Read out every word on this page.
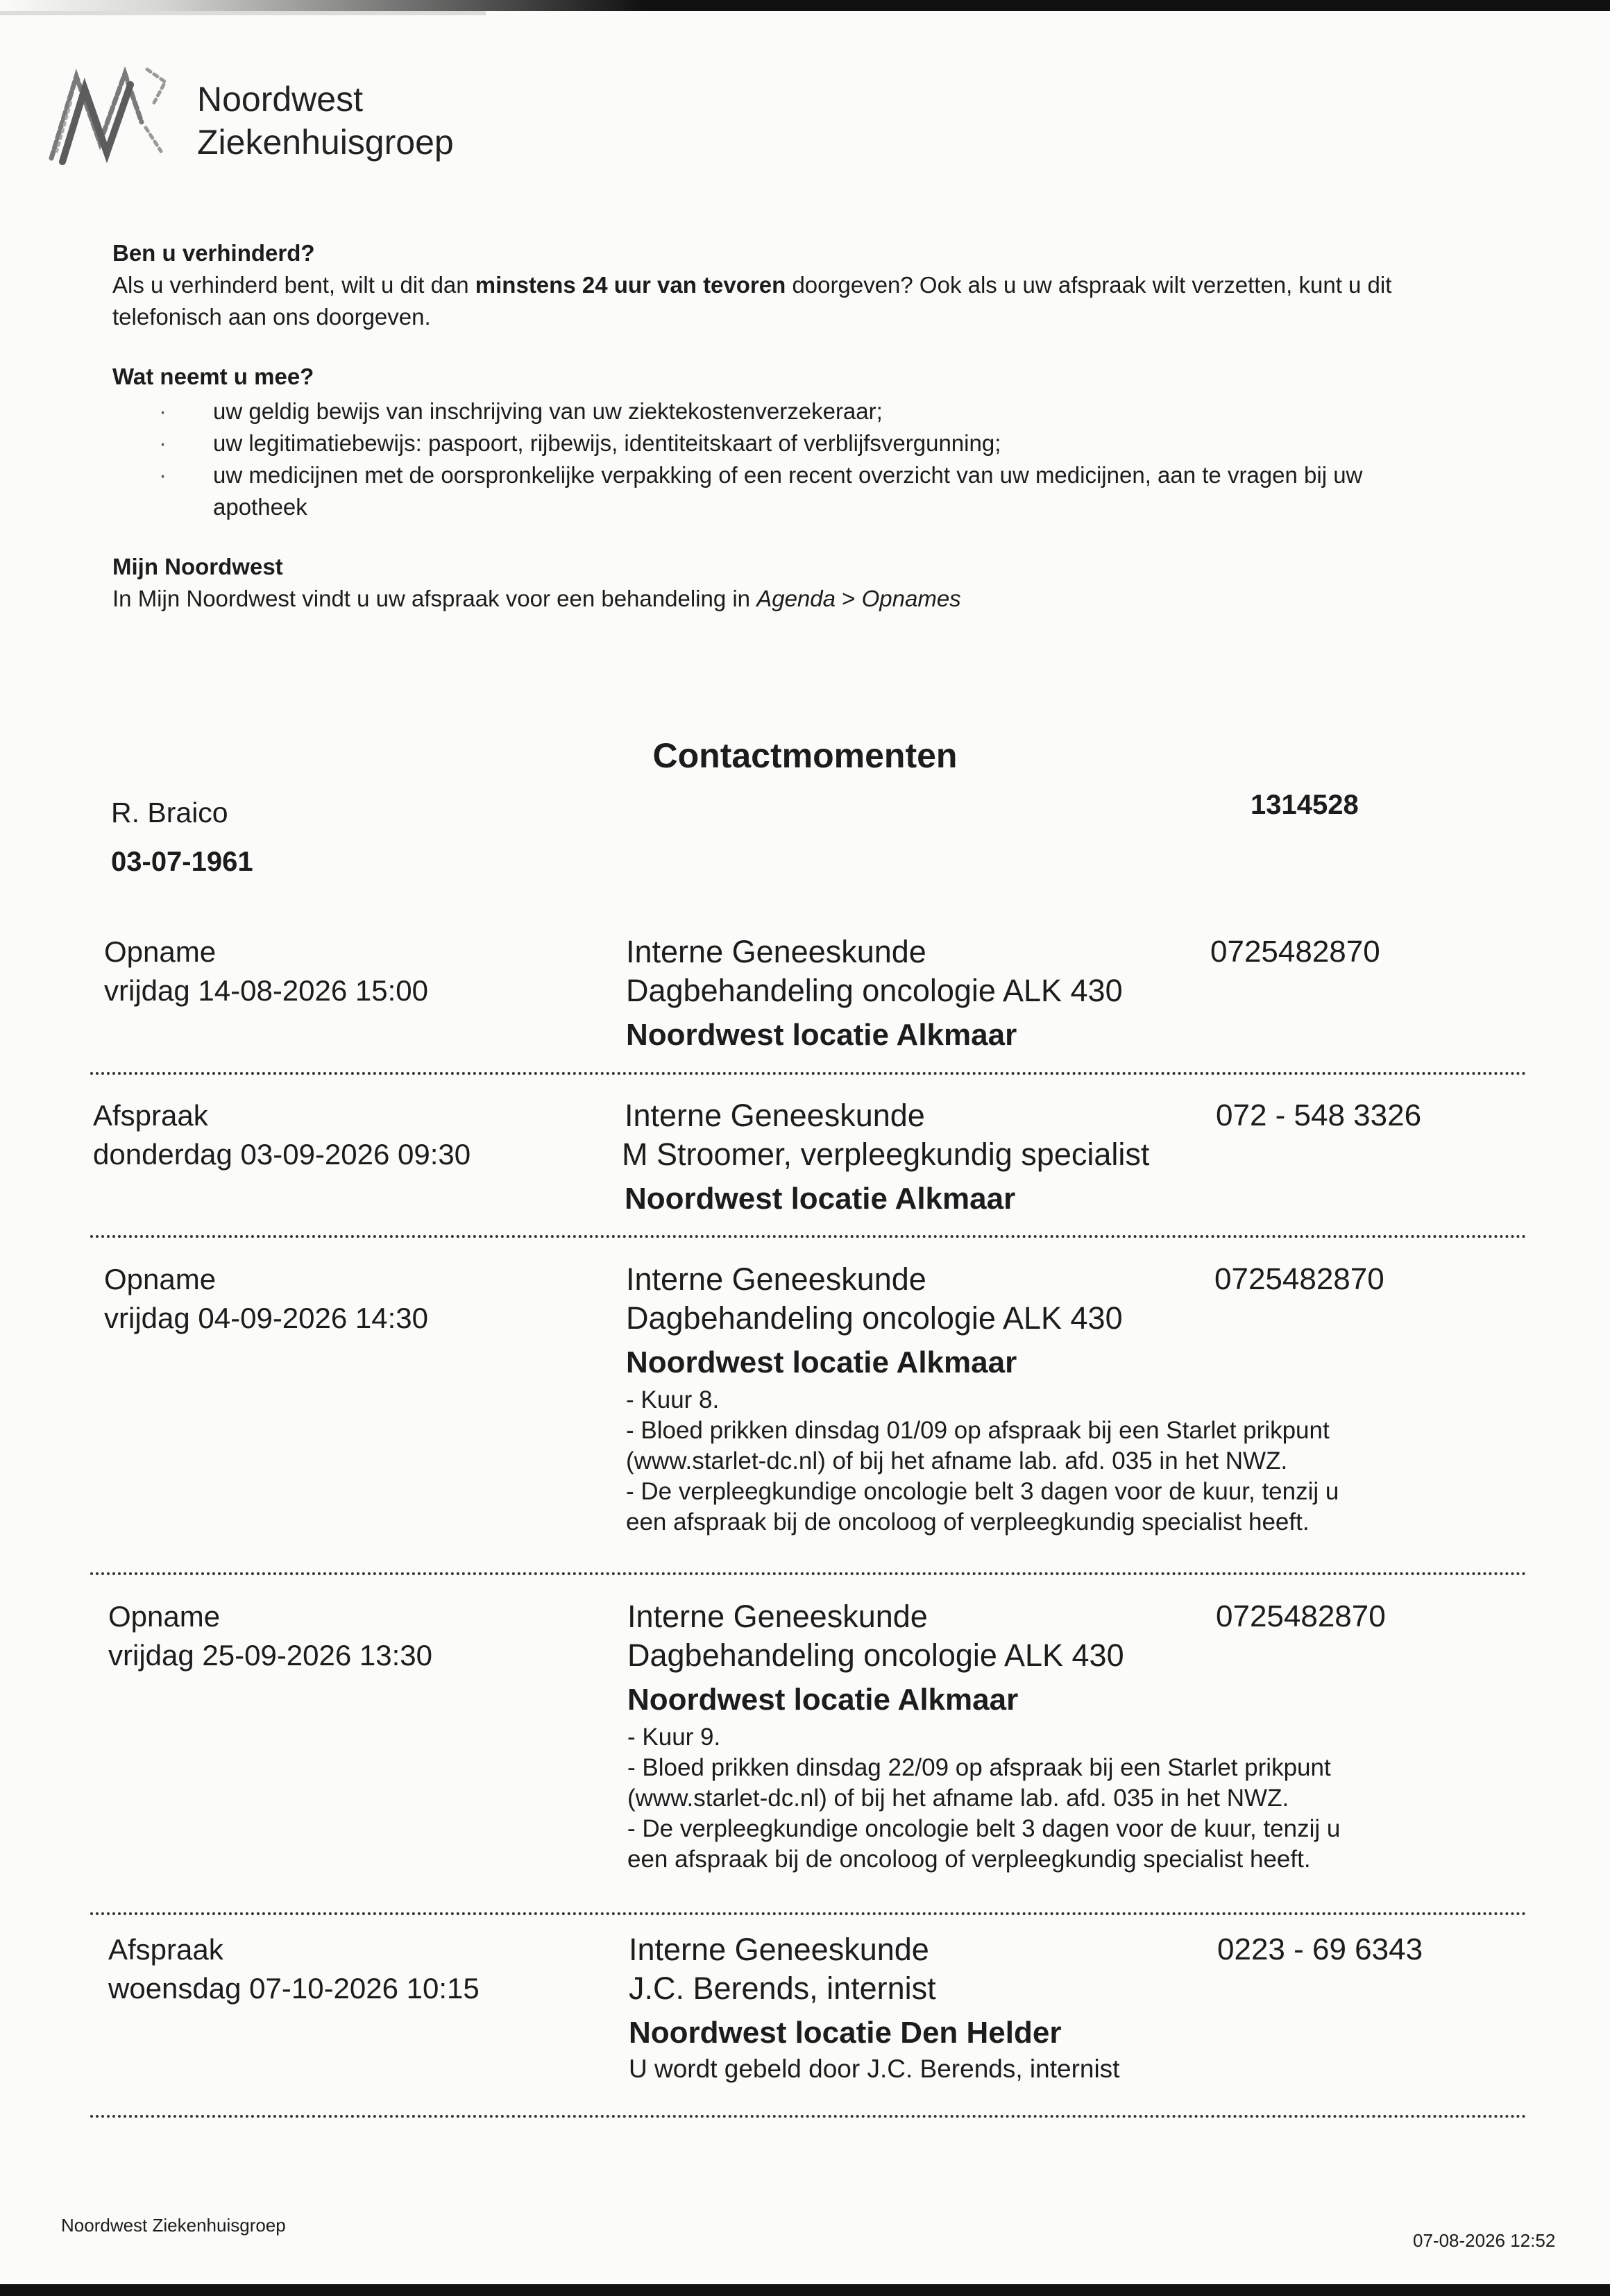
Noordwest
Ziekenhuisgroep
Ben u verhinderd?

Als u verhinderd bent, wilt u dit dan minstens 24 uur van tevoren doorgeven? Ook als u uw afspraak wilt verzetten, kunt u dit telefonisch aan ons doorgeven.

Wat neemt u mee?
· uw geldig bewijs van inschrijving van uw ziektekostenverzekeraar;
· uw legitimatiebewijs: paspoort, rijbewijs, identiteitskaart of verblijfsvergunning;
· uw medicijnen met de oorspronkelijke verpakking of een recent overzicht van uw medicijnen, aan te vragen bij uw apotheek
Mijn Noordwest

In Mijn Noordwest vindt u uw afspraak voor een behandeling in Agenda > Opnames

Contactmomenten
R. Braico
03-07-1961
1314528
Opname
vrijdag 14-08-2026 15:00
Interne Geneeskunde
Dagbehandeling oncologie ALK 430
Noordwest locatie Alkmaar
0725482870
Afspraak
donderdag 03-09-2026 09:30
Interne Geneeskunde
M Stroomer, verpleegkundig specialist
Noordwest locatie Alkmaar
072 - 548 3326
Opname
vrijdag 04-09-2026 14:30
Interne Geneeskunde
Dagbehandeling oncologie ALK 430
Noordwest locatie Alkmaar
0725482870
- Kuur 8.
- Bloed prikken dinsdag 01/09 op afspraak bij een Starlet prikpunt
(www.starlet-dc.nl) of bij het afname lab. afd. 035 in het NWZ.
- De verpleegkundige oncologie belt 3 dagen voor de kuur, tenzij u
een afspraak bij de oncoloog of verpleegkundig specialist heeft.
Opname
vrijdag 25-09-2026 13:30
Interne Geneeskunde
Dagbehandeling oncologie ALK 430
Noordwest locatie Alkmaar
0725482870
- Kuur 9.
- Bloed prikken dinsdag 22/09 op afspraak bij een Starlet prikpunt
(www.starlet-dc.nl) of bij het afname lab. afd. 035 in het NWZ.
- De verpleegkundige oncologie belt 3 dagen voor de kuur, tenzij u
een afspraak bij de oncoloog of verpleegkundig specialist heeft.
Afspraak
woensdag 07-10-2026 10:15
Interne Geneeskunde
J.C. Berends, internist
Noordwest locatie Den Helder
0223 - 69 6343
U wordt gebeld door J.C. Berends, internist
Noordwest Ziekenhuisgroep
07-08-2026 12:52
